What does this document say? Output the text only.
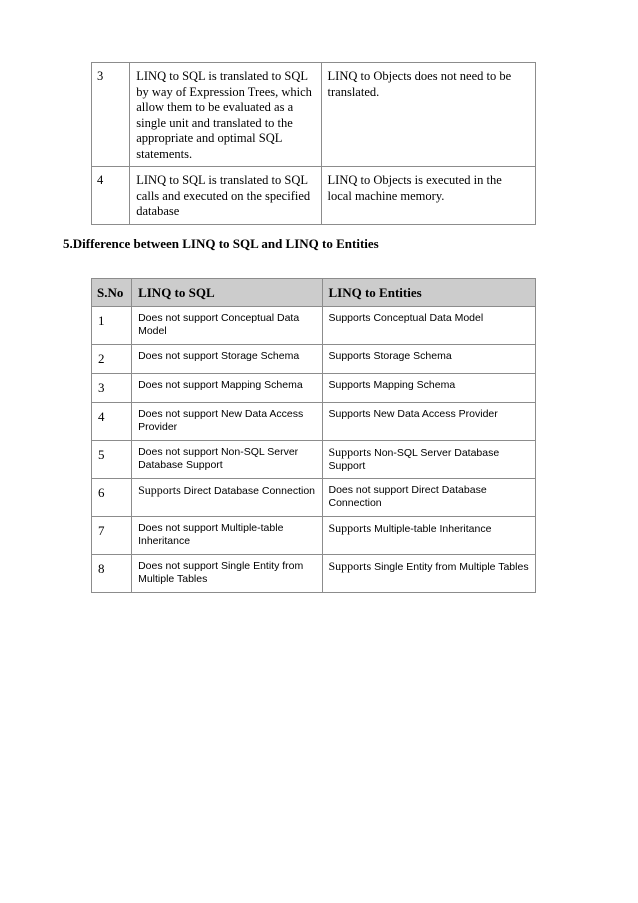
3	LINQ to SQL is translated to SQL by way of Expression Trees, which allow them to be evaluated as a single unit and translated to the appropriate and optimal SQL statements.	LINQ to Objects does not need to be translated.
4	LINQ to SQL is translated to SQL calls and executed on the specified database	LINQ to Objects is executed in the local machine memory.

5.Difference between LINQ to SQL and LINQ to Entities

S.No	LINQ to SQL	LINQ to Entities
1	Does not support Conceptual Data Model	Supports Conceptual Data Model
2	Does not support Storage Schema	Supports Storage Schema
3	Does not support Mapping Schema	Supports Mapping Schema
4	Does not support New Data Access Provider	Supports New Data Access Provider
5	Does not support Non-SQL Server Database Support	Supports Non-SQL Server Database Support
6	Supports Direct Database Connection	Does not support Direct Database Connection
7	Does not support Multiple-table Inheritance	Supports Multiple-table Inheritance
8	Does not support Single Entity from Multiple Tables	Supports Single Entity from Multiple Tables
